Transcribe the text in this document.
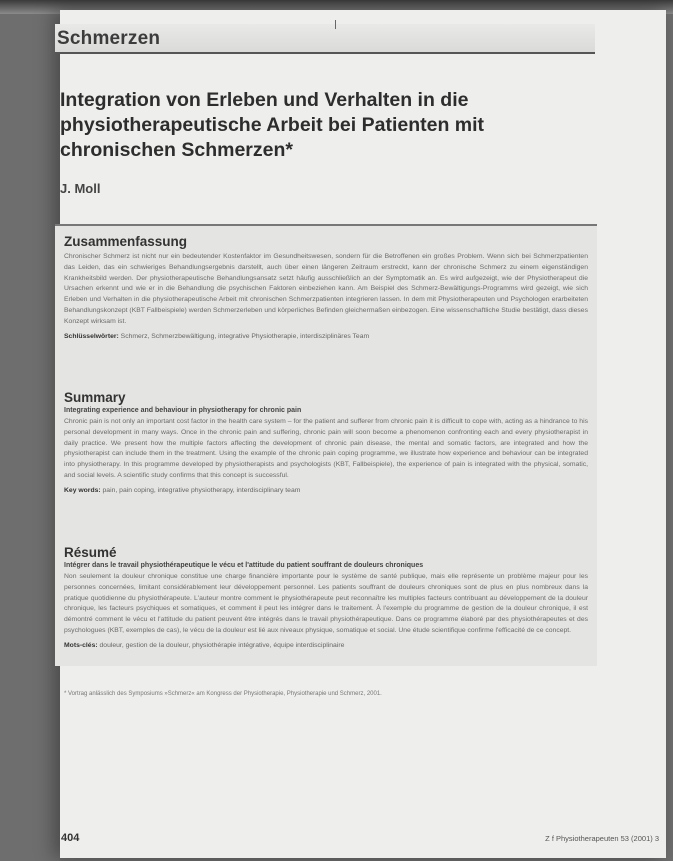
Schmerzen
Integration von Erleben und Verhalten in die physiotherapeutische Arbeit bei Patienten mit chronischen Schmerzen*
J. Moll
Zusammenfassung

Chronischer Schmerz ist nicht nur ein bedeutender Kostenfaktor im Gesundheitswesen, sondern für die Betroffenen ein großes Problem. Wenn sich bei Schmerzpatienten das Leiden, das ein schwieriges Behandlungsergebnis darstellt, auch über einen längeren Zeitraum erstreckt, kann der chronische Schmerz zu einem eigenständigen Krankheitsbild werden. Der physiotherapeutische Behandlungsansatz setzt häufig ausschließlich an der Symptomatik an. Es wird aufgezeigt, wie der Physiotherapeut die Ursachen erkennt und wie er in die Behandlung die psychischen Faktoren einbeziehen kann. Am Beispiel des Schmerz-Bewältigungs-Programms wird gezeigt, wie sich Erleben und Verhalten in die physiotherapeutische Arbeit mit chronischen Schmerzpatienten integrieren lassen. In dem mit Physiotherapeuten und Psychologen erarbeiteten Behandlungskonzept (KBT Fallbeispiele) werden Schmerzerleben und körperliches Befinden gleichermaßen einbezogen. Eine wissenschaftliche Studie bestätigt, dass dieses Konzept wirksam ist.

Schlüsselwörter: Schmerz, Schmerzbewältigung, integrative Physiotherapie, interdisziplinäres Team
Summary
Integrating experience and behaviour in physiotherapy for chronic pain

Chronic pain is not only an important cost factor in the health care system – for the patient and sufferer from chronic pain it is difficult to cope with, acting as a hindrance to his personal development in many ways. Once in the chronic pain and suffering, chronic pain will soon become a phenomenon confronting each and every physiotherapist in daily practice. We present how the multiple factors affecting the development of chronic pain disease, the mental and somatic factors, are integrated and how the physiotherapist can include them in the treatment. Using the example of the chronic pain coping programme, we illustrate how experience and behaviour can be integrated into physiotherapy. In this programme developed by physiotherapists and psychologists (KBT, Fallbeispiele), the experience of pain is integrated with the physical, somatic, and social levels. A scientific study confirms that this concept is successful.

Key words: pain, pain coping, integrative physiotherapy, interdisciplinary team
Résumé
Intégrer dans le travail physiothérapeutique le vécu et l'attitude du patient souffrant de douleurs chroniques

Non seulement la douleur chronique constitue une charge financière importante pour le système de santé publique, mais elle représente un problème majeur pour les personnes concernées, limitant considérablement leur développement personnel. Les patients souffrant de douleurs chroniques sont de plus en plus nombreux dans la pratique quotidienne du physiothérapeute. L'auteur montre comment le physiothérapeute peut reconnaître les multiples facteurs contribuant au développement de la douleur chronique, les facteurs psychiques et somatiques, et comment il peut les intégrer dans le traitement. À l'exemple du programme de gestion de la douleur chronique, il est démontré comment le vécu et l'attitude du patient peuvent être intégrés dans le travail physiothérapeutique. Dans ce programme élaboré par des physiothérapeutes et des psychologues (KBT, exemples de cas), le vécu de la douleur est lié aux niveaux physique, somatique et social. Une étude scientifique confirme l'efficacité de ce concept.

Mots-clés: douleur, gestion de la douleur, physiothérapie intégrative, équipe interdisciplinaire
* Vortrag anlässlich des Symposiums »Schmerz« am Kongress der Physiotherapie, Physiotherapie und Schmerz, 2001.
404	Z f Physiotherapeuten 53 (2001) 3
